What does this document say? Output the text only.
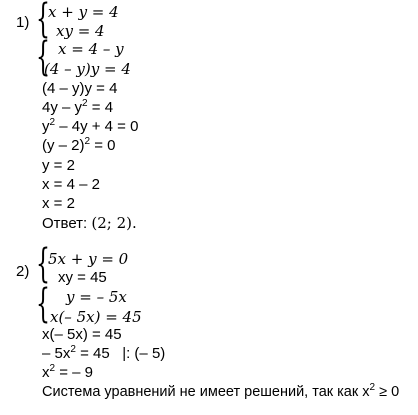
1) {
x + y = 4
xy = 4
{ x = 4 – y
(4 – y)y = 4
(4 – y)y = 4
$4y - y^2 = 4$
$y^2 - 4y + 4 = 0$
(y – 2)$^2$ = 0
y = 2
x = 4 – 2
x = 2
Ответ: (2; 2).
2) {
5x + y = 0
xy = 45
{ y = – 5x
x(– 5x) = 45
x(– 5x) = 45
– $5x^2 = 45$   |: (– 5)
$x^2$ = – 9
Система уравнений не имеет решений, так как $x^2 \ge 0$
